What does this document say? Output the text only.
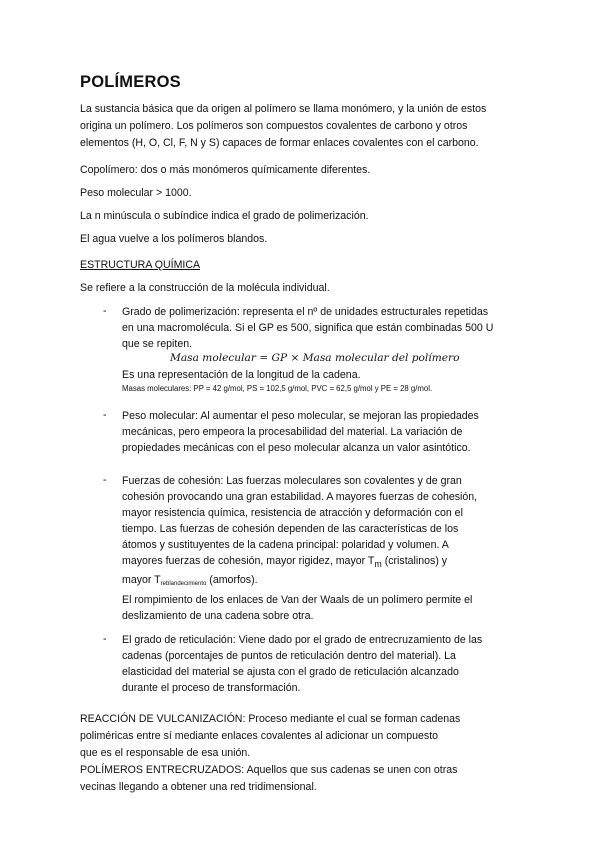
POLÍMEROS
La sustancia básica que da origen al polímero se llama monómero, y la unión de estos
origina un polímero. Los polímeros son compuestos covalentes de carbono y otros
elementos (H, O, Cl, F, N y S) capaces de formar enlaces covalentes con el carbono.
Copolímero: dos o más monómeros químicamente diferentes.
Peso molecular > 1000.
La n minúscula o subíndice indica el grado de polimerización.
El agua vuelve a los polímeros blandos.
ESTRUCTURA QUÍMICA
Se refiere a la construcción de la molécula individual.
- Grado de polimerización: representa el nº de unidades estructurales repetidas
en una macromolécula. Si el GP es 500, significa que están combinadas 500 U
que se repiten.
Masa molecular = GP × Masa molecular del polímero
Es una representación de la longitud de la cadena.
Masas moleculares: PP = 42 g/mol, PS = 102,5 g/mol, PVC = 62,5 g/mol y PE = 28 g/mol.
- Peso molecular: Al aumentar el peso molecular, se mejoran las propiedades
mecánicas, pero empeora la procesabilidad del material. La variación de
propiedades mecánicas con el peso molecular alcanza un valor asintótico.
- Fuerzas de cohesión: Las fuerzas moleculares son covalentes y de gran
cohesión provocando una gran estabilidad. A mayores fuerzas de cohesión,
mayor resistencia química, resistencia de atracción y deformación con el
tiempo. Las fuerzas de cohesión dependen de las características de los
átomos y sustituyentes de la cadena principal: polaridad y volumen. A
mayores fuerzas de cohesión, mayor rigidez, mayor $T_m$ (cristalinos) y
mayor $T_{reblandecimiento}$ (amorfos).
El rompimiento de los enlaces de Van der Waals de un polímero permite el
deslizamiento de una cadena sobre otra.
- El grado de reticulación: Viene dado por el grado de entrecruzamiento de las
cadenas (porcentajes de puntos de reticulación dentro del material). La
elasticidad del material se ajusta con el grado de reticulación alcanzado
durante el proceso de transformación.
REACCIÓN DE VULCANIZACIÓN: Proceso mediante el cual se forman cadenas
poliméricas entre sí mediante enlaces covalentes al adicionar un compuesto
que es el responsable de esa unión.
POLÍMEROS ENTRECRUZADOS: Aquellos que sus cadenas se unen con otras
vecinas llegando a obtener una red tridimensional.
